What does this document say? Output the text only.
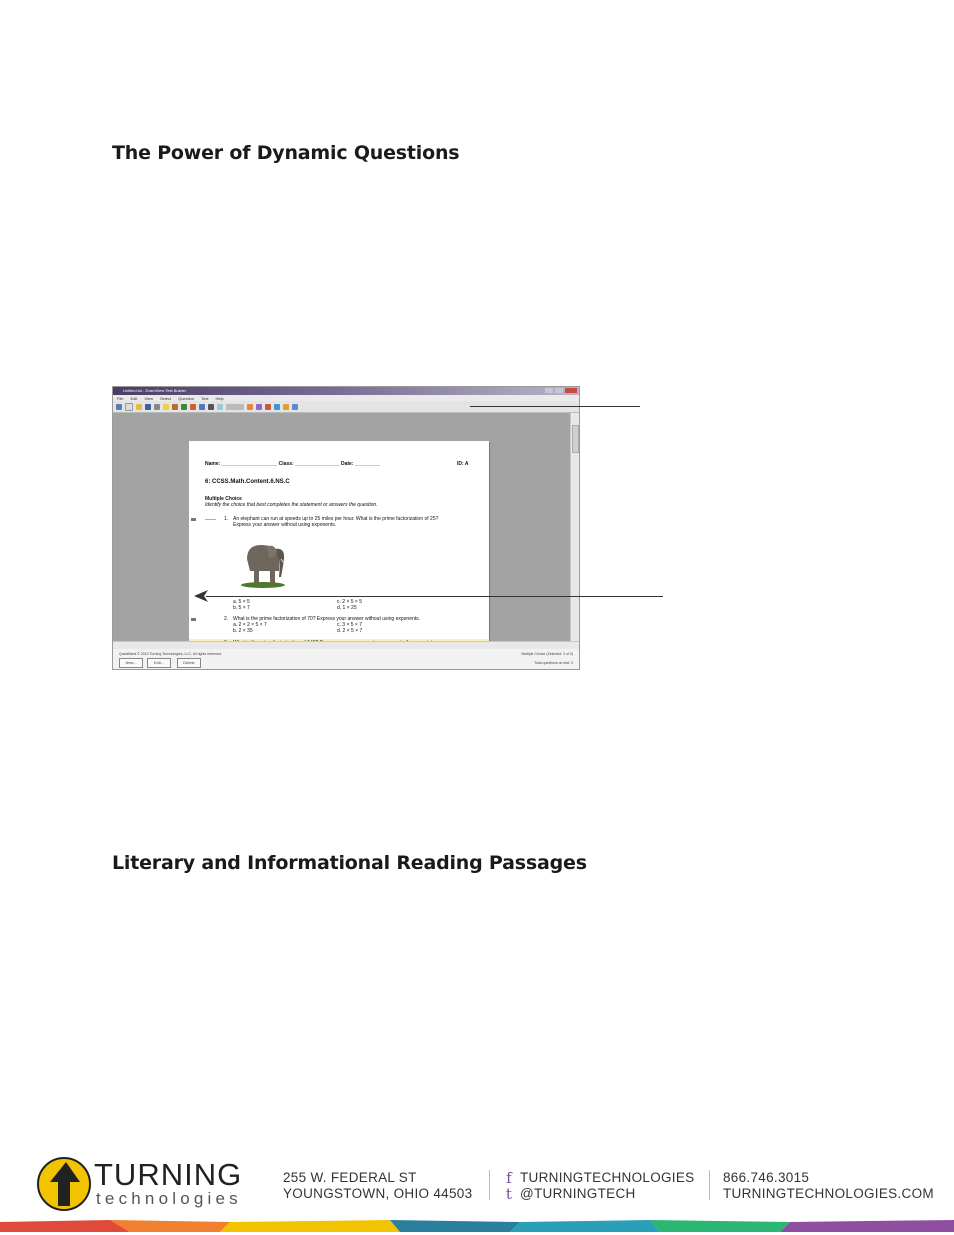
The Power of Dynamic Questions
Untitled.tst - ExamView Test Builder
File Edit View Select Question Test Help
Name: ____________________ Class: ________________ Date: _________	ID: A
6: CCSS.Math.Content.6.NS.C
Multiple Choice
Identify the choice that best completes the statement or answers the question.
____ 1. An elephant can run at speeds up to 25 miles per hour. What is the prime factorization of 25?
Express your answer without using exponents.
a. 5 × 5
b. 5 × 7
c. 2 × 5 × 5
d. 1 × 25
2. What is the prime factorization of 70? Express your answer without using exponents.
a. 2 × 2 × 5 × 7
b. 2 × 35
c. 3 × 5 × 7
d. 2 × 5 × 7
QuestBank © 2013 Turning Technologies, LLC. All rights reserved.	Multiple Choice (Selected: 3 of 3)
Total questions on test: 3
New...	Edit...	Delete
Literary and Informational Reading Passages
TURNING
technologies
255 W. FEDERAL ST
YOUNGSTOWN, OHIO 44503
f TURNINGTECHNOLOGIES
t @TURNINGTECH
866.746.3015
TURNINGTECHNOLOGIES.COM
